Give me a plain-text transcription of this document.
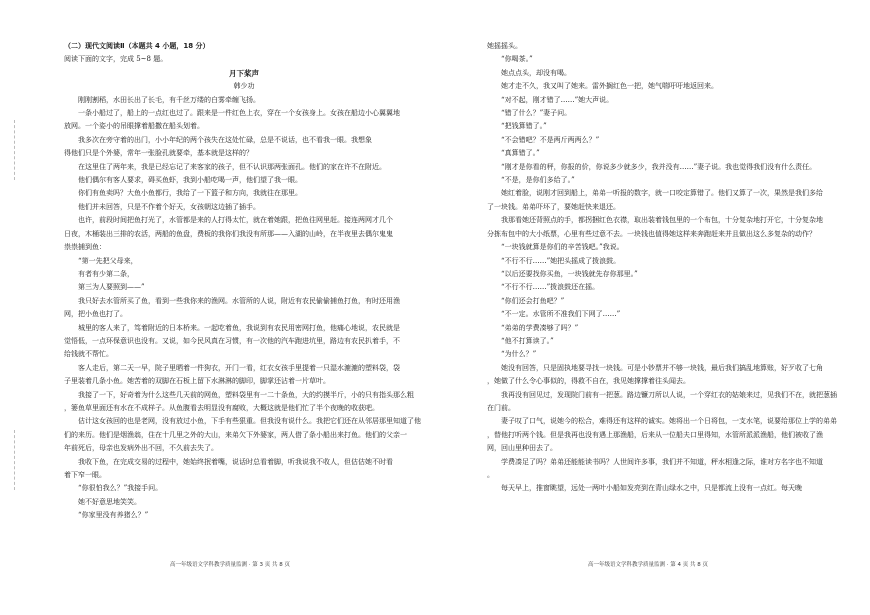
（二）现代文阅读Ⅱ（本题共 4 小题，18 分）
阅读下面的文字，完成 5~8 题。
月下桨声
韩少功
刚刚割稻，水田长出了长毛，有千丝万缕的白雾牵缠飞扬。
一条小船过了，船上的一点红也过了。跟来是一件红色上衣，穿在一个女孩身上。女孩在船边小心翼翼地
放网。一个姿小的吊眼撑着船撒在船头划着。
我多次在旁守着的出门，小小年纪的两个孩失在这处忙碌，总是不说话，也不看我一眼。我想象
得他们只是个外婆，常年一张脸孔就要牵，基本就是这样的？
在这里住了两年来，我是已经忘记了来客家的孩子，但不认识那两张面孔。他们的家在许不在附近。
他们偶尔有客人要求，碍买鱼虾，我到小船吃喝一声，他们望了我一眼。
你们有鱼卖吗？大鱼小鱼都行，我给了一下篮子和方向，我就往在那里。
他们并未回答，只是不作着个好天，女孩朝这边插了插手。
也许，前段时间把鱼打光了，水管都是来的人打得太忙，就在着她跟，把鱼往网里赶。接连两网才几个
日夜，木桶装出三排的农活，两船的鱼盘，费板的我你们我没有所那——入湖的山岭，在半夜里去偶尔鬼鬼
祟祟捕到鱼：
“第一先把父母来，
有者有少第二条，
第三为人要照到——”
我只好去水管所买了鱼，看到一些我你来的渔网。水管所的人说，附近有农民偷偷捕鱼打鱼，有时还用渔
网，把小鱼也打了。
城里的客人来了，笃着附近的日本桥来。一起吃着鱼，我说到有农民用密网打鱼，他痛心地说，农民就是
觉悟低，一点环保意识也没有。又说，如今民风真在习惯，有一次他的汽车跑进坑里，路边有农民扒着手，不
给钱就不帮忙。
客人走后，第二天一早，院子里晒着一件狗衣，开门一看，红衣女孩手里提着一只湿水漉漉的塑料袋，袋
子里装着几条小鱼。她苦着的双脚在石板上留下水淋淋的脚印，脚掌还沾着一片草叶。
我接了一下，好奇着为什么这些几天前的网鱼，塑料袋里有一二十条鱼，大的约摸半斤，小的只有指头那么粗
，篓鱼草里面还有水在不成样子。从鱼腹看去明显没有腐败，大概这就是他们忙了半个夜晚的收获吧。
估计这女孩回的也是老网，没有放过小鱼，下手有些狠重。但我没有说什么。我把它们还在从邻居那里知道了他
们的来历。他们是烟渔翁，住在十几里之外的大山，来弟欠下外婆家，两人借了条小船出来打鱼。他们的父亲一
年前死后，母亲也发病外出不回，不久前去失了。
我收下鱼，在完成交易的过程中，她始终抿着嘴，说话时总看着脚，听我说我不收人，但估估她不时看
着下窄一眼。
“你很怕我么？”我接手问。
她不好意思地笑笑。
“你家里没有养猪么？”
她摇摇头。
“你喝茶。”
她点点头，却没有喝。
她才走不久，我又叫了她来。雷外搁红色一把，她气喘吁吁地返回来。
“对不起，刚才错了……”她大声说。
“错了什么？”妻子问。
“把钱算错了。”
“不会错吧？不是两斤两两么？”
“真算错了。”
“刚才是你看的秤，你报的价，你说多少就多少，我并没有……”妻子说。我也觉得我们没有什么责任。
“不是，是你们多给了。”
她红着脸，说刚才回到船上，弟弟一听报的数字，就一口咬定算错了。他们又算了一次，果然是我们多给
了一块钱。弟弟吓坏了，要她赶快来退还。
我那看她还背照点的手，都拐捆红色衣襟，取出装着钱包里的一个布包，十分复杂地打开它，十分复杂地
分拣布包中的大小纸票，心里有些过意不去。一块钱也值得她这样来奔跑赶来并且做出这么多复杂的动作？
“一块钱就算是你们的辛苦钱吧。”我说。
“不行不行……”她把头摇成了拨浪鼓。
“以后还要找你买鱼，一块钱就先存你那里。”
“不行不行……”拨浪鼓还在摇。
“你们还会打鱼吧？”
“不一定。水管所不准我们下网了……”
“弟弟的学费凑够了吗？”
“他不打算读了。”
“为什么？”
她没有回答，只是固执地要寻找一块钱。可是小钞票并不够一块钱，最后我们搞乱地算账，好歹收了七角
，她做了什么令心事似的，得救不自在，我见她撑撑着往头闻去。
我再没有回见过，发现院门前有一把葱。路边镰刀所以人说，一个穿红衣的姑娘来过，见我们不在，就把葱插
在门前。
妻子叹了口气，说她今的松合，难得还有这样的诚实。她将出一个日将包，一支水笔，说要给那位上学的弟弟
，替他打听两个钱。但是我再也没有遇上那渔船，后来从一位船夫口里得知，水管所派派渔船，他们被收了渔
网，回山里种田去了。
学费凑足了吗？弟弟还能能读书吗？人世间许多事，我们并不知道，秤水相逢之际，谁对方名字也不知道
。
每天早上，推窗眺望，远处一两叶小船如发亮到在青山绿水之中，只是都流上没有一点红。每天晚
高一年级语文学科教学质量监测 · 第 3 页 共 8 页	高一年级语文学科教学质量监测 · 第 4 页 共 8 页
